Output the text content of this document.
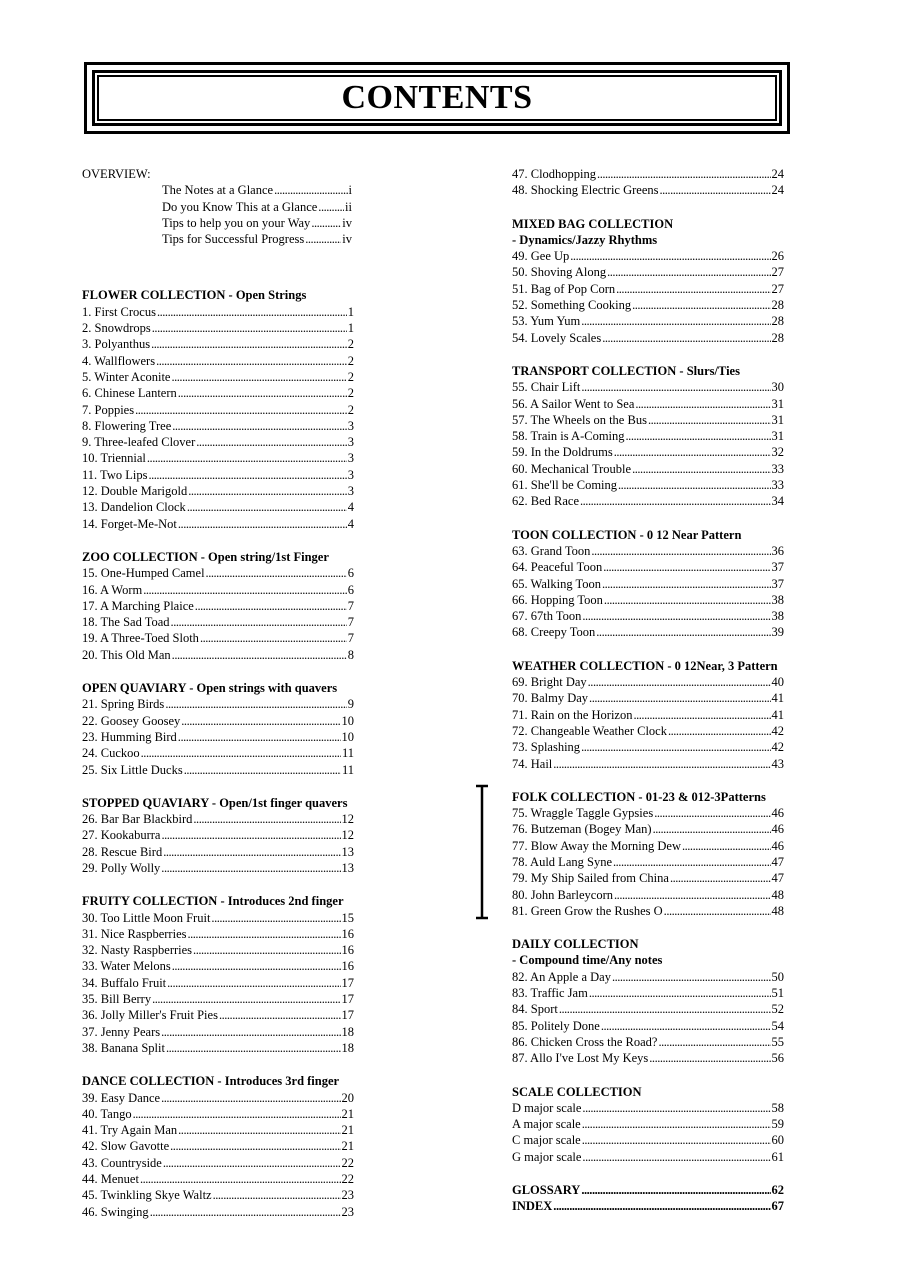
CONTENTS
OVERVIEW:
The Notes at a Glance . . .	i
Do you Know This at a Glance . . . ii
Tips to help you on your Way . . .	iv
Tips for Successful Progress . . .	iv
FLOWER COLLECTION - Open Strings
1. First Crocus . . .	1
2. Snowdrops . . .	1
3. Polyanthus . . .	2
4. Wallflowers . . .	2
5. Winter Aconite . . .	2
6. Chinese Lantern . . .	2
7. Poppies . . .	2
8. Flowering Tree . . .	3
9. Three-leafed Clover . . .	3
10. Triennial . . .	3
11. Two Lips . . .	3
12. Double Marigold . . .	3
13. Dandelion Clock . . .	4
14. Forget-Me-Not . . .	4
ZOO COLLECTION - Open string/1st Finger
15. One-Humped Camel . . .	6
16. A Worm . . .	6
17. A Marching Plaice . . .	7
18. The Sad Toad . . .	7
19. A Three-Toed Sloth . . .	7
20. This Old Man . . .	8
OPEN QUAVIARY - Open strings with quavers
21. Spring Birds . . .	9
22. Goosey Goosey . . .	10
23. Humming Bird . . .	10
24. Cuckoo . . .	11
25. Six Little Ducks . . .	11
STOPPED QUAVIARY - Open/1st finger quavers
26. Bar Bar Blackbird . . .	12
27. Kookaburra . . .	12
28. Rescue Bird . . .	13
29. Polly Wolly . . .	13
FRUITY COLLECTION - Introduces 2nd finger
30. Too Little Moon Fruit . . .	15
31. Nice Raspberries . . .	16
32. Nasty Raspberries . . .	16
33. Water Melons . . .	16
34. Buffalo Fruit . . .	17
35. Bill Berry . . .	17
36. Jolly Miller's Fruit Pies . . .	17
37. Jenny Pears . . .	18
38. Banana Split . . .	18
DANCE COLLECTION - Introduces 3rd finger
39. Easy Dance . . .	20
40. Tango . . .	21
41. Try Again Man . . .	21
42. Slow Gavotte . . .	21
43. Countryside . . .	22
44. Menuet . . .	22
45. Twinkling Skye Waltz . . .	23
46. Swinging . . .	23
47. Clodhopping . . .	24
48. Shocking Electric Greens . . .	24
MIXED BAG COLLECTION
- Dynamics/Jazzy Rhythms
49. Gee Up . . .	26
50. Shoving Along . . .	27
51. Bag of Pop Corn . . .	27
52. Something Cooking . . .	28
53. Yum Yum . . .	28
54. Lovely Scales . . .	28
TRANSPORT COLLECTION - Slurs/Ties
55. Chair Lift . . .	30
56. A Sailor Went to Sea . . .	31
57. The Wheels on the Bus . . .	31
58. Train is A-Coming . . .	31
59. In the Doldrums . . .	32
60. Mechanical Trouble . . .	33
61. She'll be Coming . . .	33
62. Bed Race . . .	34
TOON COLLECTION - 0 12 Near Pattern
63. Grand Toon . . .	36
64. Peaceful Toon . . .	37
65. Walking Toon . . .	37
66. Hopping Toon . . .	38
67. 67th Toon . . .	38
68. Creepy Toon . . .	39
WEATHER COLLECTION - 0 12Near, 3 Pattern
69. Bright Day . . .	40
70. Balmy Day . . .	41
71. Rain on the Horizon . . .	41
72. Changeable Weather Clock . . .	42
73. Splashing . . .	42
74. Hail . . .	43
FOLK COLLECTION - 01-23 & 012-3Patterns
75. Wraggle Taggle Gypsies . . .	46
76. Butzeman (Bogey Man) . . .	46
77. Blow Away the Morning Dew . . .	46
78. Auld Lang Syne . . .	47
79. My Ship Sailed from China . . .	47
80. John Barleycorn . . .	48
81. Green Grow the Rushes O . . .	48
DAILY COLLECTION
- Compound time/Any notes
82. An Apple a Day . . .	50
83. Traffic Jam . . .	51
84. Sport . . .	52
85. Politely Done . . .	54
86. Chicken Cross the Road? . . .	55
87. Allo I've Lost My Keys . . .	56
SCALE COLLECTION
D major scale . . .	58
A major scale . . .	59
C major scale . . .	60
G major scale . . .	61
GLOSSARY . . .	62
INDEX . . .	67
